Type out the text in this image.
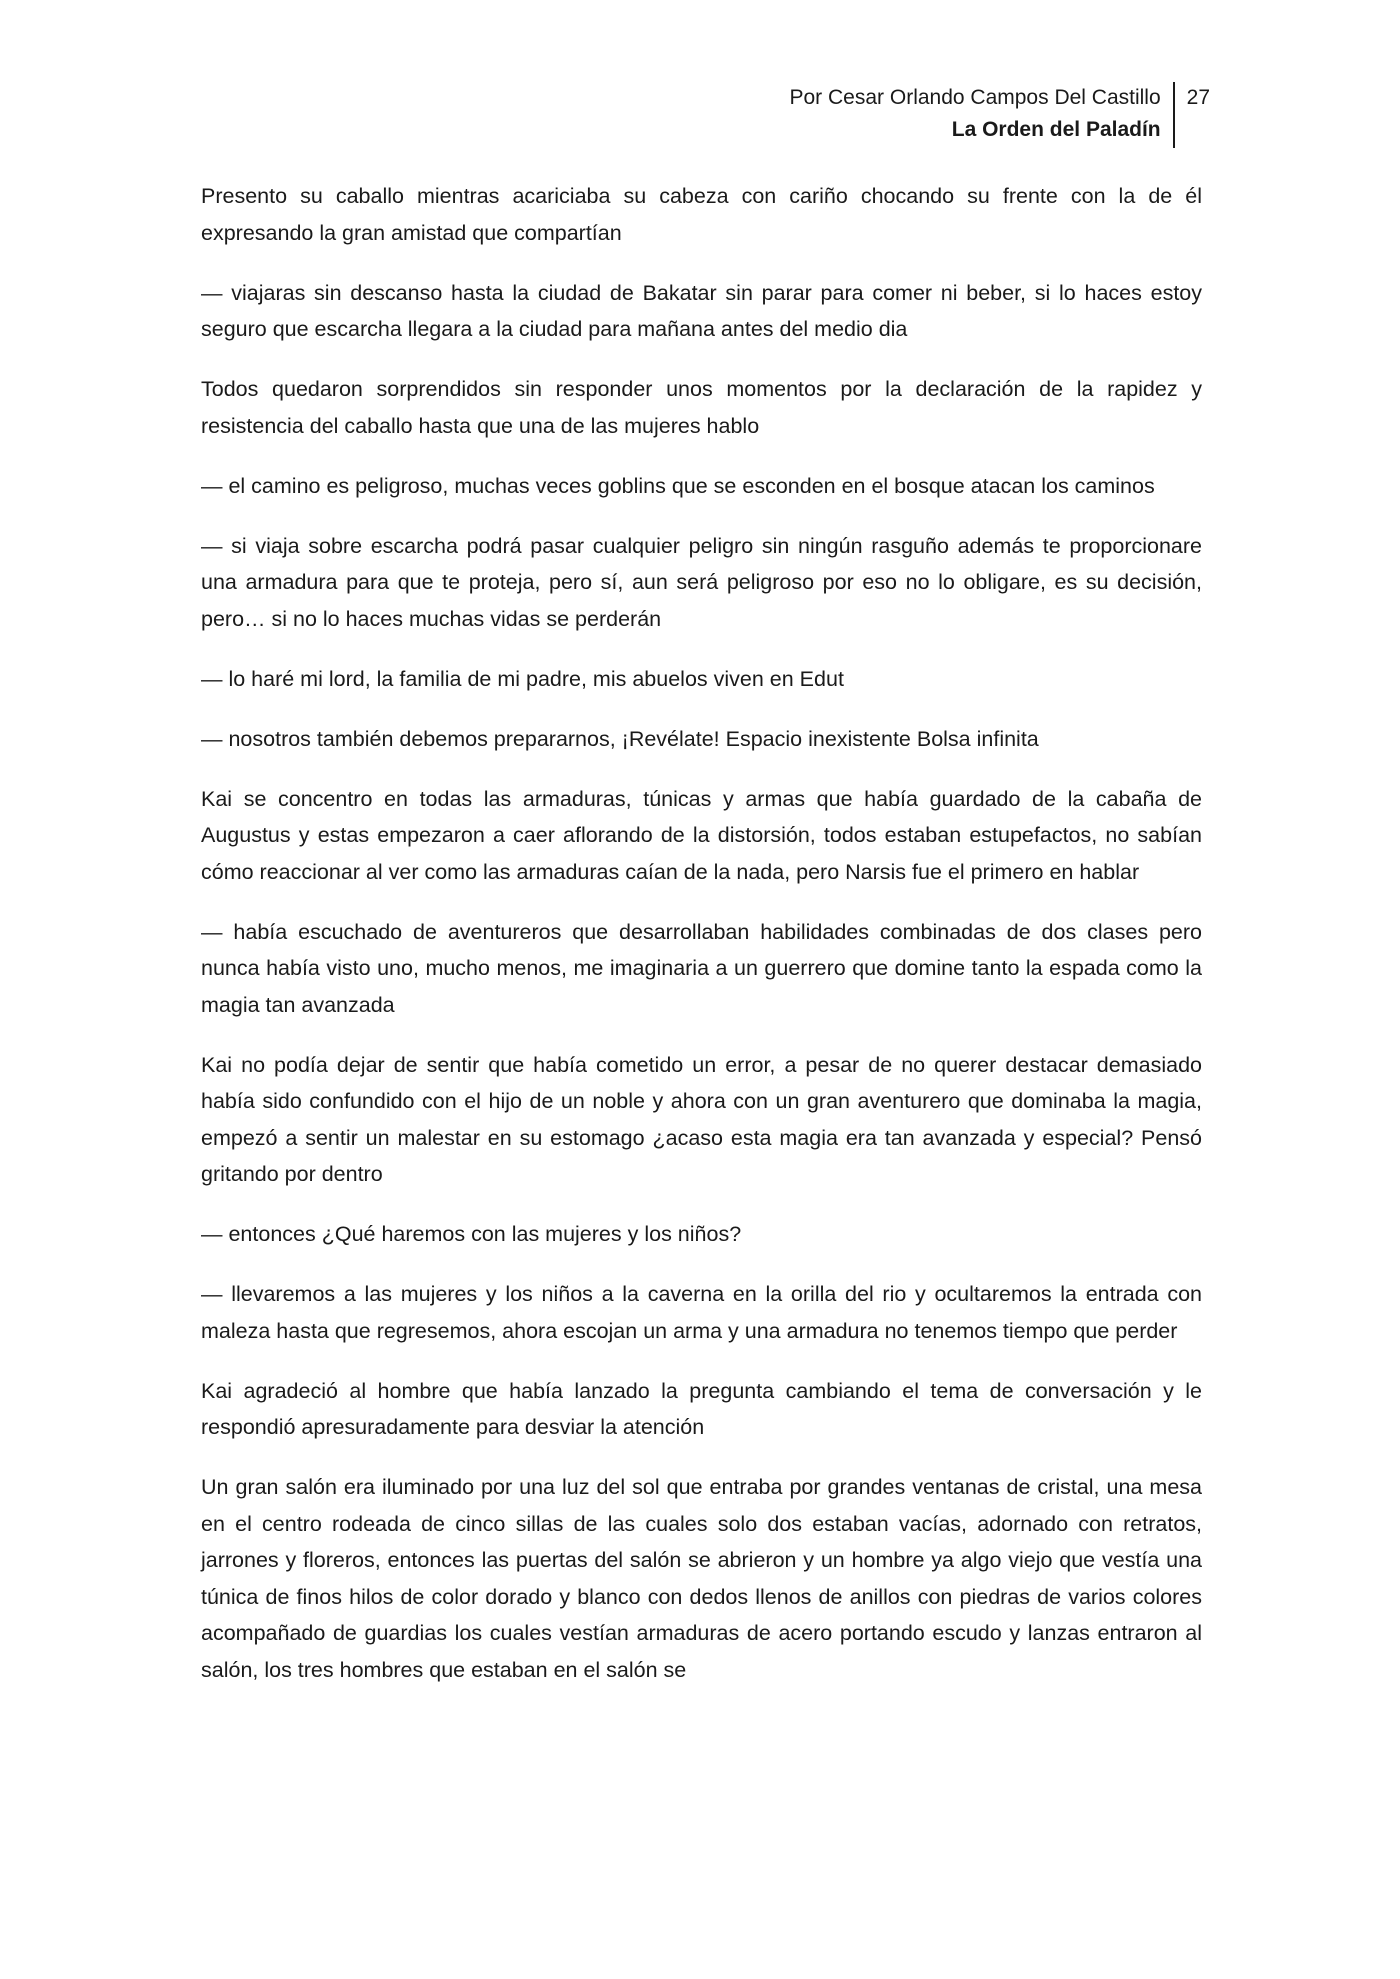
Por Cesar Orlando Campos Del Castillo
La Orden del Paladín
27

Presento su caballo mientras acariciaba su cabeza con cariño chocando su frente con la de él expresando la gran amistad que compartían

— viajaras sin descanso hasta la ciudad de Bakatar sin parar para comer ni beber, si lo haces estoy seguro que escarcha llegara a la ciudad para mañana antes del medio dia

Todos quedaron sorprendidos sin responder unos momentos por la declaración de la rapidez y resistencia del caballo hasta que una de las mujeres hablo

— el camino es peligroso, muchas veces goblins que se esconden en el bosque atacan los caminos

— si viaja sobre escarcha podrá pasar cualquier peligro sin ningún rasguño además te proporcionare una armadura para que te proteja, pero sí, aun será peligroso por eso no lo obligare, es su decisión, pero… si no lo haces muchas vidas se perderán

— lo haré mi lord, la familia de mi padre, mis abuelos viven en Edut

— nosotros también debemos prepararnos, ¡Revélate! Espacio inexistente Bolsa infinita

Kai se concentro en todas las armaduras, túnicas y armas que había guardado de la cabaña de Augustus y estas empezaron a caer aflorando de la distorsión, todos estaban estupefactos, no sabían cómo reaccionar al ver como las armaduras caían de la nada, pero Narsis fue el primero en hablar

— había escuchado de aventureros que desarrollaban habilidades combinadas de dos clases pero nunca había visto uno, mucho menos, me imaginaria a un guerrero que domine tanto la espada como la magia tan avanzada

Kai no podía dejar de sentir que había cometido un error, a pesar de no querer destacar demasiado había sido confundido con el hijo de un noble y ahora con un gran aventurero que dominaba la magia, empezó a sentir un malestar en su estomago ¿acaso esta magia era tan avanzada y especial? Pensó gritando por dentro

— entonces ¿Qué haremos con las mujeres y los niños?

— llevaremos a las mujeres y los niños a la caverna en la orilla del rio y ocultaremos la entrada con maleza hasta que regresemos, ahora escojan un arma y una armadura no tenemos tiempo que perder

Kai agradeció al hombre que había lanzado la pregunta cambiando el tema de conversación y le respondió apresuradamente para desviar la atención

Un gran salón era iluminado por una luz del sol que entraba por grandes ventanas de cristal, una mesa en el centro rodeada de cinco sillas de las cuales solo dos estaban vacías, adornado con retratos, jarrones y floreros, entonces las puertas del salón se abrieron y un hombre ya algo viejo que vestía una túnica de finos hilos de color dorado y blanco con dedos llenos de anillos con piedras de varios colores acompañado de guardias los cuales vestían armaduras de acero portando escudo y lanzas entraron al salón, los tres hombres que estaban en el salón se
